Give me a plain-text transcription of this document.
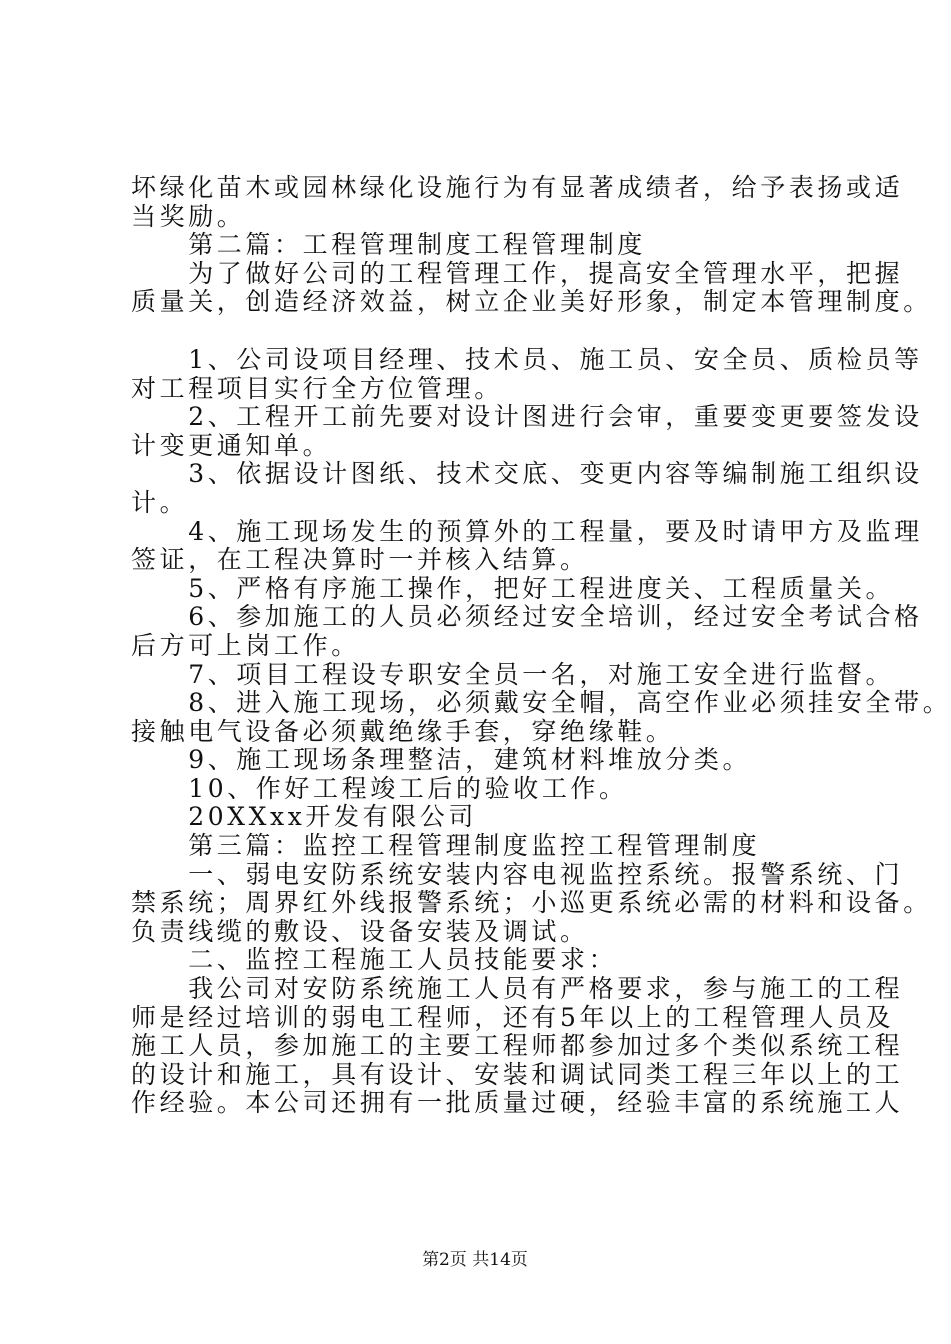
坏绿化苗木或园林绿化设施行为有显著成绩者，给予表扬或适
当奖励。
　　第二篇：工程管理制度工程管理制度
　　为了做好公司的工程管理工作，提高安全管理水平，把握
质量关，创造经济效益，树立企业美好形象，制定本管理制度。
　　1、公司设项目经理、技术员、施工员、安全员、质检员等
对工程项目实行全方位管理。
　　2、工程开工前先要对设计图进行会审，重要变更要签发设
计变更通知单。
　　3、依据设计图纸、技术交底、变更内容等编制施工组织设
计。
　　4、施工现场发生的预算外的工程量，要及时请甲方及监理
签证，在工程决算时一并核入结算。
　　5、严格有序施工操作，把好工程进度关、工程质量关。
　　6、参加施工的人员必须经过安全培训，经过安全考试合格
后方可上岗工作。
　　7、项目工程设专职安全员一名，对施工安全进行监督。
　　8、进入施工现场，必须戴安全帽，高空作业必须挂安全带。
接触电气设备必须戴绝缘手套，穿绝缘鞋。
　　9、施工现场条理整洁，建筑材料堆放分类。
　　10、作好工程竣工后的验收工作。
　　20XXxx开发有限公司
　　第三篇：监控工程管理制度监控工程管理制度
　　一、弱电安防系统安装内容电视监控系统。报警系统、门
禁系统；周界红外线报警系统；小巡更系统必需的材料和设备。
负责线缆的敷设、设备安装及调试。
　　二、监控工程施工人员技能要求：
　　我公司对安防系统施工人员有严格要求，参与施工的工程
师是经过培训的弱电工程师，还有5年以上的工程管理人员及
施工人员，参加施工的主要工程师都参加过多个类似系统工程
的设计和施工，具有设计、安装和调试同类工程三年以上的工
作经验。本公司还拥有一批质量过硬，经验丰富的系统施工人
第2页 共14页
